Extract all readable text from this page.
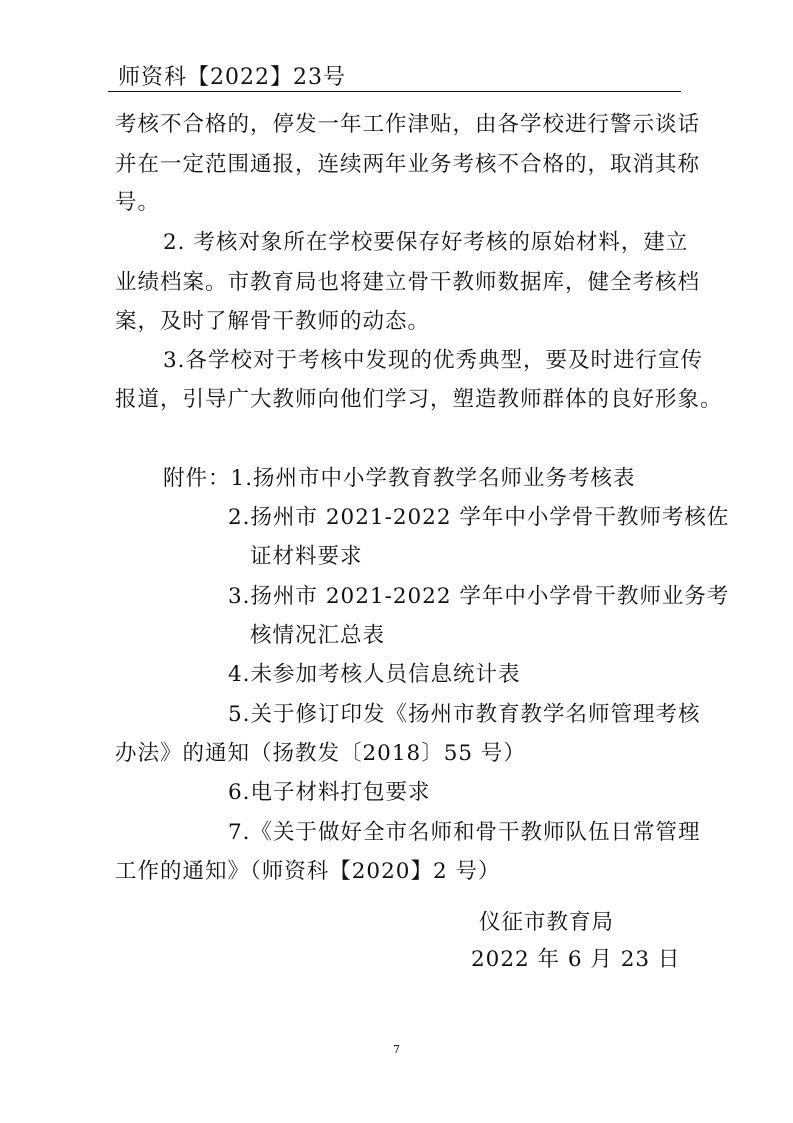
师资科【2022】23号
考核不合格的，停发一年工作津贴，由各学校进行警示谈话
并在一定范围通报，连续两年业务考核不合格的，取消其称
号。
2. 考核对象所在学校要保存好考核的原始材料，建立
业绩档案。市教育局也将建立骨干教师数据库，健全考核档
案，及时了解骨干教师的动态。
3.各学校对于考核中发现的优秀典型，要及时进行宣传
报道，引导广大教师向他们学习，塑造教师群体的良好形象。
附件：1.扬州市中小学教育教学名师业务考核表
2.扬州市 2021-2022 学年中小学骨干教师考核佐
证材料要求
3.扬州市 2021-2022 学年中小学骨干教师业务考
核情况汇总表
4.未参加考核人员信息统计表
5.关于修订印发《扬州市教育教学名师管理考核
办法》的通知（扬教发〔2018〕55 号）
6.电子材料打包要求
7.《关于做好全市名师和骨干教师队伍日常管理
工作的通知》（师资科【2020】2 号）
仪征市教育局
2022 年 6 月 23 日
7
